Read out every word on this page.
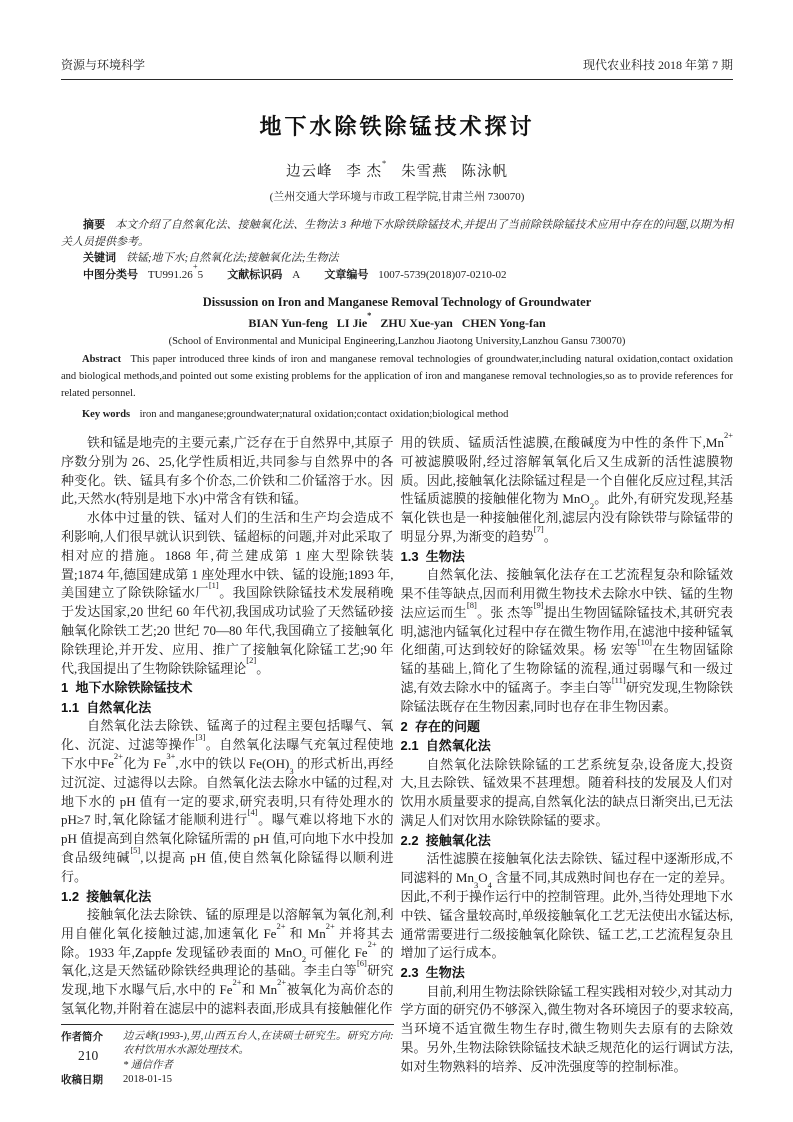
资源与环境科学	现代农业科技 2018 年第 7 期
地下水除铁除锰技术探讨
边云峰   李 杰*   朱雪燕   陈泳帆
(兰州交通大学环境与市政工程学院,甘肃兰州 730070)

摘要 本文介绍了自然氧化法、接触氧化法、生物法 3 种地下水除铁除锰技术,并提出了当前除铁除锰技术应用中存在的问题,以期为相关人员提供参考。

关键词 铁锰;地下水;自然氧化法;接触氧化法;生物法

中图分类号 TU991.26+5 文献标识码 A 文章编号 1007-5739(2018)07-0210-02

Dissussion on Iron and Manganese Removal Technology of Groundwater

BIAN Yun-feng   LI Jie*   ZHU Xue-yan   CHEN Yong-fan

(School of Environmental and Municipal Engineering,Lanzhou Jiaotong University,Lanzhou Gansu 730070)

Abstract This paper introduced three kinds of iron and manganese removal technologies of groundwater,including natural oxidation,contact oxidation and biological methods,and pointed out some existing problems for the application of iron and manganese removal technologies,so as to provide references for related personnel.

Key words iron and manganese;groundwater;natural oxidation;contact oxidation;biological method

铁和锰是地壳的主要元素,广泛存在于自然界中,其原子序数分别为 26、25,化学性质相近,共同参与自然界中的各种变化。铁、锰具有多个价态,二价铁和二价锰溶于水。因此,天然水(特别是地下水)中常含有铁和锰。

水体中过量的铁、锰对人们的生活和生产均会造成不利影响,人们很早就认识到铁、锰超标的问题,并对此采取了相对应的措施。1868 年,荷兰建成第 1 座大型除铁装置;1874 年,德国建成第 1 座处理水中铁、锰的设施;1893 年,美国建立了除铁除锰水厂[1]。我国除铁除锰技术发展稍晚于发达国家,20 世纪 60 年代初,我国成功试验了天然锰砂接触氧化除铁工艺;20 世纪 70—80 年代,我国确立了接触氧化除铁理论,并开发、应用、推广了接触氧化除锰工艺;90 年代,我国提出了生物除铁除锰理论[2]。

1  地下水除铁除锰技术
1.1  自然氧化法

自然氧化法去除铁、锰离子的过程主要包括曝气、氧化、沉淀、过滤等操作[3]。自然氧化法曝气充氧过程使地下水中$Fe^{2+}$化为 $Fe^{3+}$,水中的铁以 $Fe(OH)_3$ 的形式析出,再经过沉淀、过滤得以去除。自然氧化法去除水中锰的过程,对地下水的 pH 值有一定的要求,研究表明,只有待处理水的pH≥7 时,氧化除锰才能顺利进行[4]。曝气难以将地下水的 pH 值提高到自然氧化除锰所需的 pH 值,可向地下水中投加食品级纯碱[5],以提高 pH 值,使自然氧化除锰得以顺利进行。

1.2  接触氧化法

接触氧化法去除铁、锰的原理是以溶解氧为氧化剂,利用自催化氧化接触过滤,加速氧化 $Fe^{2+}$ 和 $Mn^{2+}$ 并将其去除。1933 年,Zappfe 发现锰砂表面的 MnO$_2$ 可催化 $Fe^{2+}$ 的氧化,这是天然锰砂除铁经典理论的基础。李圭白等[6]研究发现,地下水曝气后,水中的 $Fe^{2+}$和 $Mn^{2+}$被氧化为高价态的氢氧化物,并附着在滤层中的滤料表面,形成具有接触催化作

作者简介	边云峰(1993-),男,山西五台人,在读硕士研究生。研究方向:农村饮用水水源处理技术。
* 通信作者
收稿日期	2018-01-15

用的铁质、锰质活性滤膜,在酸碱度为中性的条件下$,Mn^{2+}$ 可被滤膜吸附,经过溶解氧氧化后又生成新的活性滤膜物质。因此,接触氧化法除锰过程是一个自催化反应过程,其活性锰质滤膜的接触催化物为 MnO$_2$。此外,有研究发现,羟基氧化铁也是一种接触催化剂,滤层内没有除铁带与除锰带的明显分界,为渐变的趋势[7]。

1.3  生物法

自然氧化法、接触氧化法存在工艺流程复杂和除锰效果不佳等缺点,因而利用微生物技术去除水中铁、锰的生物法应运而生[8]。张 杰等[9]提出生物固锰除锰技术,其研究表明,滤池内锰氧化过程中存在微生物作用,在滤池中接种锰氧化细菌,可达到较好的除锰效果。杨 宏等[10]在生物固锰除锰的基础上,简化了生物除锰的流程,通过弱曝气和一级过滤,有效去除水中的锰离子。李圭白等[11]研究发现,生物除铁除锰法既存在生物因素,同时也存在非生物因素。

2  存在的问题
2.1  自然氧化法

自然氧化法除铁除锰的工艺系统复杂,设备庞大,投资大,且去除铁、锰效果不甚理想。随着科技的发展及人们对饮用水质量要求的提高,自然氧化法的缺点日渐突出,已无法满足人们对饮用水除铁除锰的要求。

2.2  接触氧化法

活性滤膜在接触氧化法去除铁、锰过程中逐渐形成,不同滤料的 $Mn_3O_4$ 含量不同,其成熟时间也存在一定的差异。因此,不利于操作运行中的控制管理。此外,当待处理地下水中铁、锰含量较高时,单级接触氧化工艺无法使出水锰达标,通常需要进行二级接触氧化除铁、锰工艺,工艺流程复杂且增加了运行成本。

2.3  生物法

目前,利用生物法除铁除锰工程实践相对较少,对其动力学方面的研究仍不够深入,微生物对各环境因子的要求较高,当环境不适宜微生物生存时,微生物则失去原有的去除效果。另外,生物法除铁除锰技术缺乏规范化的运行调试方法,如对生物熟料的培养、反冲洗强度等的控制标准。

210
